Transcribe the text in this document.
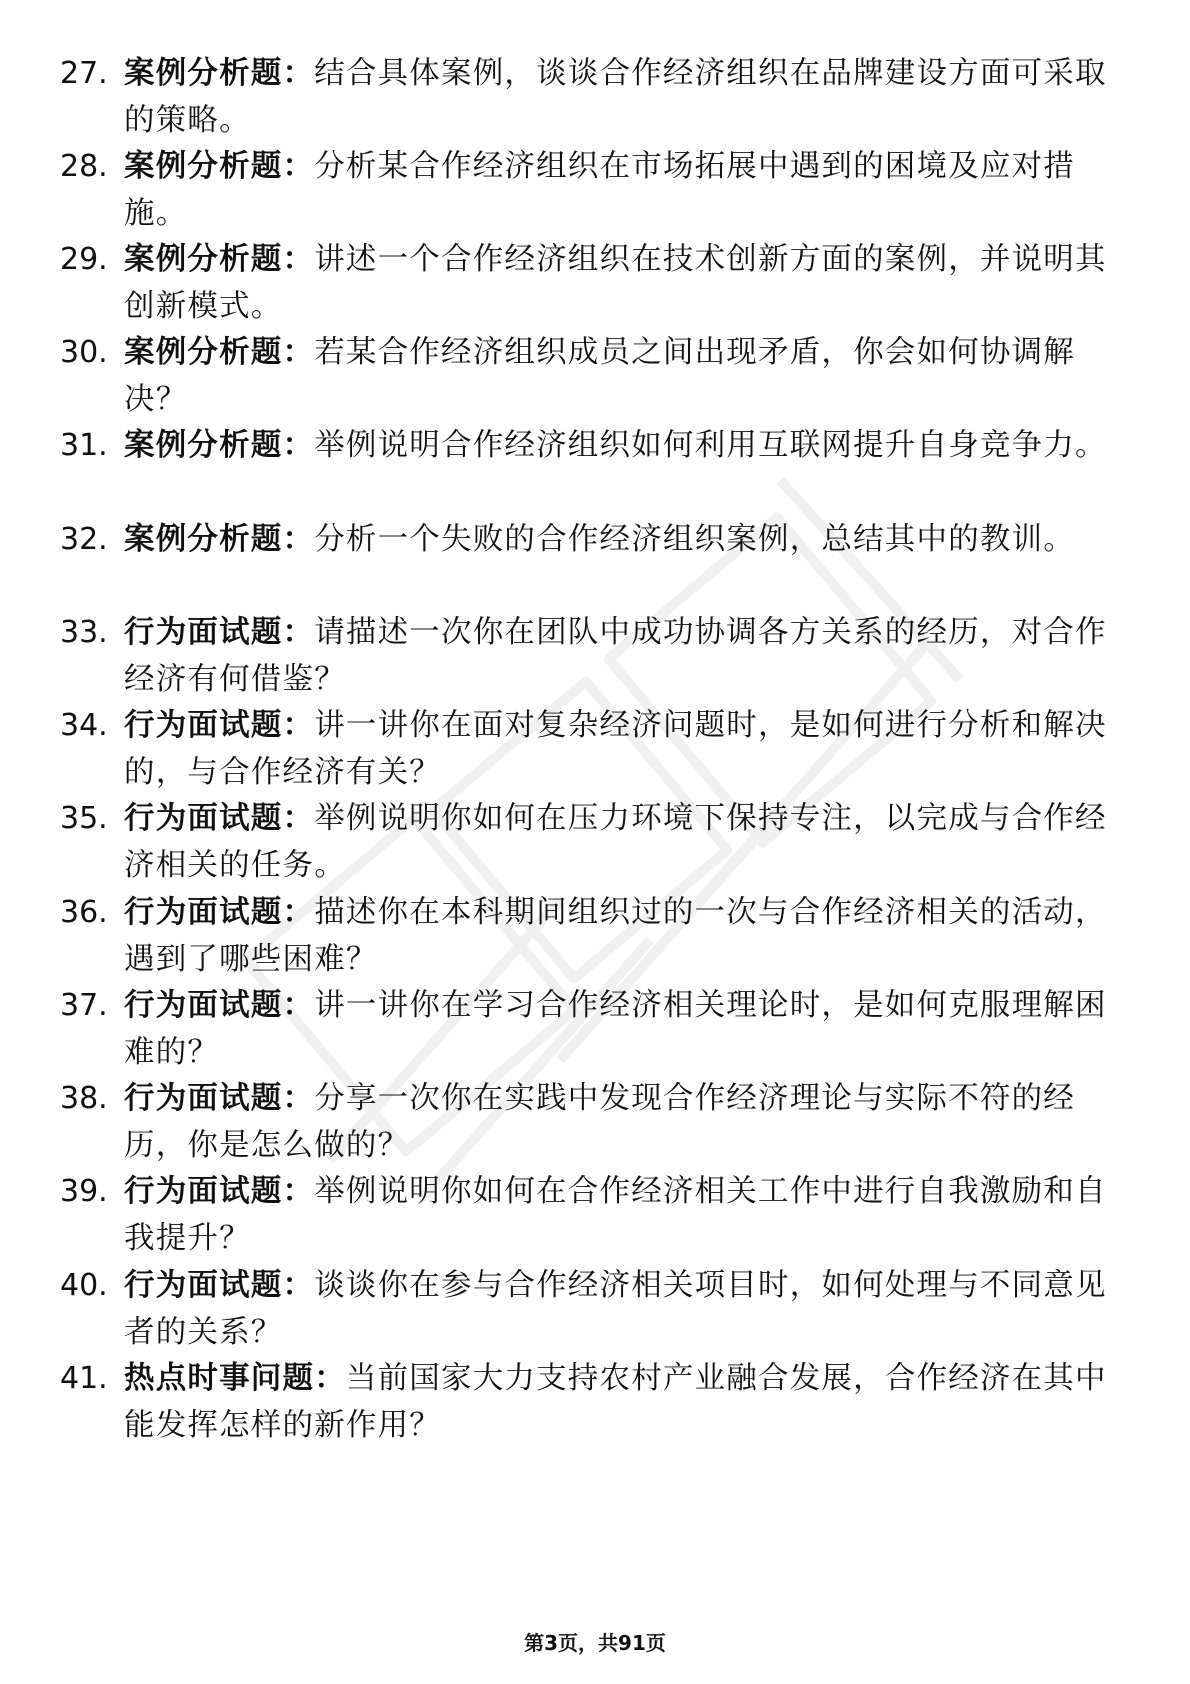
27. 案例分析题：结合具体案例，谈谈合作经济组织在品牌建设方面可采取的策略。
28. 案例分析题：分析某合作经济组织在市场拓展中遇到的困境及应对措施。
29. 案例分析题：讲述一个合作经济组织在技术创新方面的案例，并说明其创新模式。
30. 案例分析题：若某合作经济组织成员之间出现矛盾，你会如何协调解决？
31. 案例分析题：举例说明合作经济组织如何利用互联网提升自身竞争力。
32. 案例分析题：分析一个失败的合作经济组织案例，总结其中的教训。
33. 行为面试题：请描述一次你在团队中成功协调各方关系的经历，对合作经济有何借鉴？
34. 行为面试题：讲一讲你在面对复杂经济问题时，是如何进行分析和解决的，与合作经济有关？
35. 行为面试题：举例说明你如何在压力环境下保持专注，以完成与合作经济相关的任务。
36. 行为面试题：描述你在本科期间组织过的一次与合作经济相关的活动，遇到了哪些困难？
37. 行为面试题：讲一讲你在学习合作经济相关理论时，是如何克服理解困难的？
38. 行为面试题：分享一次你在实践中发现合作经济理论与实际不符的经历，你是怎么做的？
39. 行为面试题：举例说明你如何在合作经济相关工作中进行自我激励和自我提升？
40. 行为面试题：谈谈你在参与合作经济相关项目时，如何处理与不同意见者的关系？
41. 热点时事问题：当前国家大力支持农村产业融合发展，合作经济在其中能发挥怎样的新作用？
第3页，共91页
